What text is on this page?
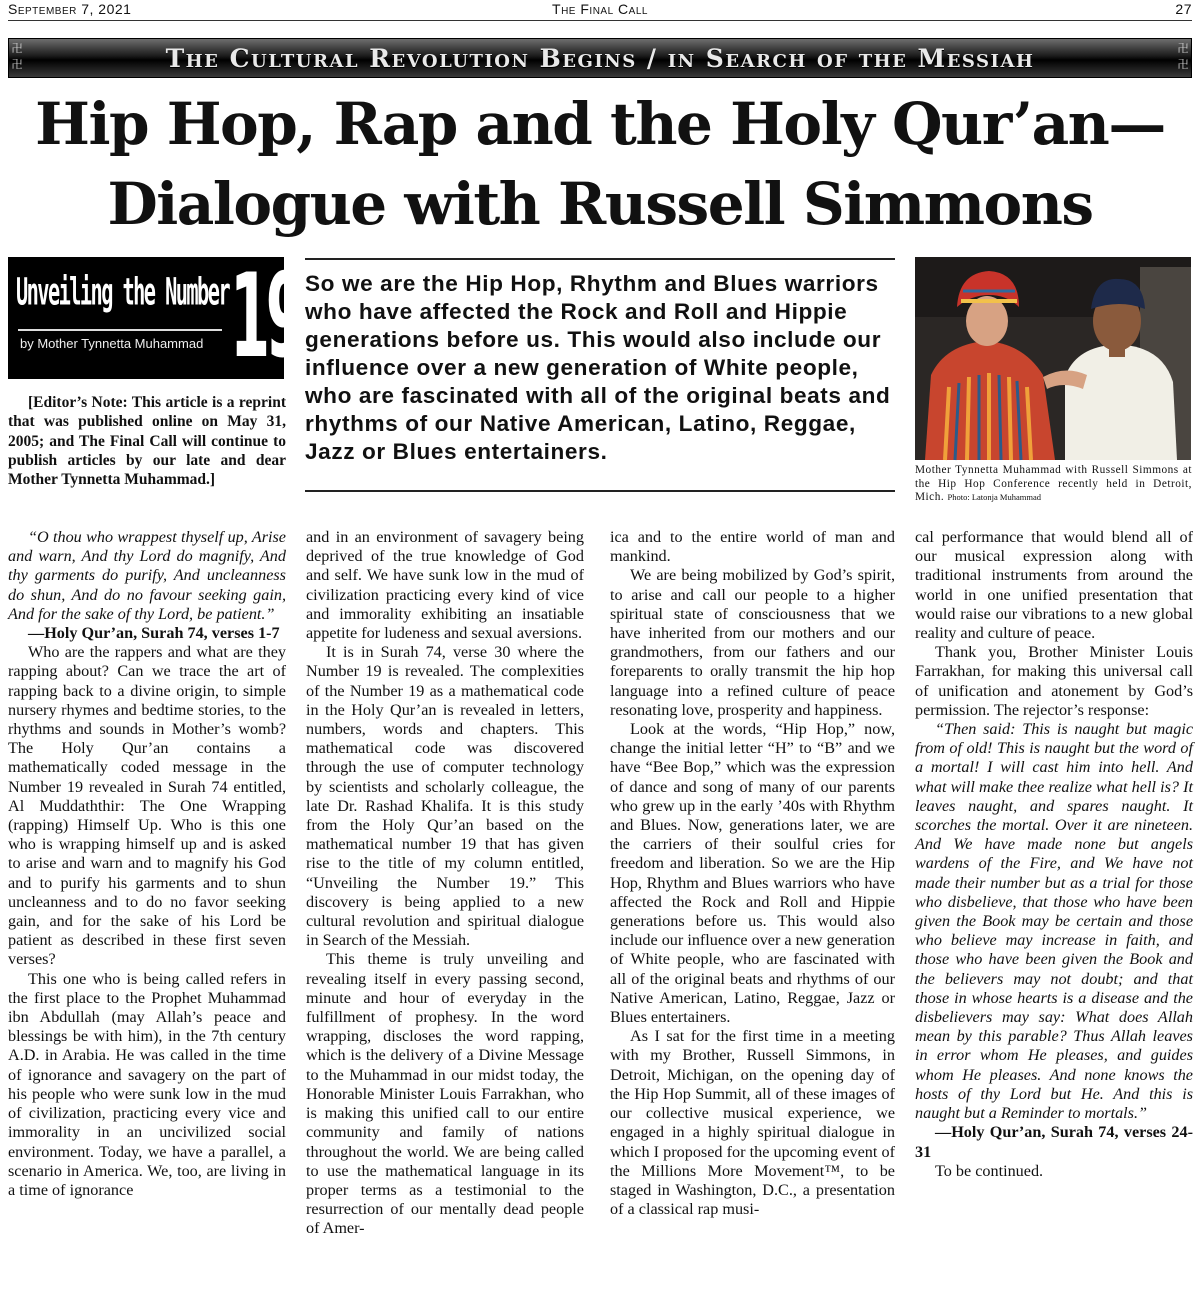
September 7, 2021	The Final Call	27
卍
卍	The Cultural Revolution Begins / in Search of the Messiah	卍
卍
Hip Hop, Rap and the Holy Qur’an—
Dialogue with Russell Simmons
Unveiling the Number
by Mother Tynnetta Muhammad 19
[Editor’s Note: This article is a reprint that was published online on May 31, 2005; and The Final Call will continue to publish articles by our late and dear Mother Tynnetta Muhammad.]
So we are the Hip Hop, Rhythm and Blues warriors who have affected the Rock and Roll and Hippie generations before us. This would also include our influence over a new generation of White people, who are fascinated with all of the original beats and rhythms of our Native American, Latino, Reggae, Jazz or Blues entertainers.
Mother Tynnetta Muhammad with Russell Simmons at the Hip Hop Conference recently held in Detroit, Mich. Photo: Latonja Muhammad

“O thou who wrappest thyself up, Arise and warn, And thy Lord do magnify, And thy garments do purify, And uncleanness do shun, And do no favour seeking gain, And for the sake of thy Lord, be patient.”

—Holy Qur’an, Surah 74, verses 1-7

Who are the rappers and what are they rapping about? Can we trace the art of rapping back to a divine origin, to simple nursery rhymes and bedtime stories, to the rhythms and sounds in Mother’s womb? The Holy Qur’an contains a mathematically coded message in the Number 19 revealed in Surah 74 entitled, Al Muddaththir: The One Wrapping (rapping) Himself Up. Who is this one who is wrapping himself up and is asked to arise and warn and to magnify his God and to purify his garments and to shun uncleanness and to do no favor seeking gain, and for the sake of his Lord be patient as described in these first seven verses?

This one who is being called refers in the first place to the Prophet Muhammad ibn Abdullah (may Allah’s peace and blessings be with him), in the 7th century A.D. in Arabia. He was called in the time of ignorance and savagery on the part of his people who were sunk low in the mud of civilization, practicing every vice and immorality in an uncivilized social environment. Today, we have a parallel, a scenario in America. We, too, are living in a time of ignorance

and in an environment of savagery being deprived of the true knowledge of God and self. We have sunk low in the mud of civilization practicing every kind of vice and immorality exhibiting an insatiable appetite for ludeness and sexual aversions.

It is in Surah 74, verse 30 where the Number 19 is revealed. The complexities of the Number 19 as a mathematical code in the Holy Qur’an is revealed in letters, numbers, words and chapters. This mathematical code was discovered through the use of computer technology by scientists and scholarly colleague, the late Dr. Rashad Khalifa. It is this study from the Holy Qur’an based on the mathematical number 19 that has given rise to the title of my column entitled, “Unveiling the Number 19.” This discovery is being applied to a new cultural revolution and spiritual dialogue in Search of the Messiah.

This theme is truly unveiling and revealing itself in every passing second, minute and hour of everyday in the fulfillment of prophesy. In the word wrapping, discloses the word rapping, which is the delivery of a Divine Message to the Muhammad in our midst today, the Honorable Minister Louis Farrakhan, who is making this unified call to our entire community and family of nations throughout the world. We are being called to use the mathematical language in its proper terms as a testimonial to the resurrection of our mentally dead people of Amer-

ica and to the entire world of man and mankind.

We are being mobilized by God’s spirit, to arise and call our people to a higher spiritual state of consciousness that we have inherited from our mothers and our grandmothers, from our fathers and our foreparents to orally transmit the hip hop language into a refined culture of peace resonating love, prosperity and happiness.

Look at the words, “Hip Hop,” now, change the initial letter “H” to “B” and we have “Bee Bop,” which was the expression of dance and song of many of our parents who grew up in the early ’40s with Rhythm and Blues. Now, generations later, we are the carriers of their soulful cries for freedom and liberation. So we are the Hip Hop, Rhythm and Blues warriors who have affected the Rock and Roll and Hippie generations before us. This would also include our influence over a new generation of White people, who are fascinated with all of the original beats and rhythms of our Native American, Latino, Reggae, Jazz or Blues entertainers.

As I sat for the first time in a meeting with my Brother, Russell Simmons, in Detroit, Michigan, on the opening day of the Hip Hop Summit, all of these images of our collective musical experience, we engaged in a highly spiritual dialogue in which I proposed for the upcoming event of the Millions More Movement™, to be staged in Washington, D.C., a presentation of a classical rap musi-

cal performance that would blend all of our musical expression along with traditional instruments from around the world in one unified presentation that would raise our vibrations to a new global reality and culture of peace.

Thank you, Brother Minister Louis Farrakhan, for making this universal call of unification and atonement by God’s permission. The rejector’s response:

“Then said: This is naught but magic from of old! This is naught but the word of a mortal! I will cast him into hell. And what will make thee realize what hell is? It leaves naught, and spares naught. It scorches the mortal. Over it are nineteen. And We have made none but angels wardens of the Fire, and We have not made their number but as a trial for those who disbelieve, that those who have been given the Book may be certain and those who believe may increase in faith, and those who have been given the Book and the believers may not doubt; and that those in whose hearts is a disease and the disbelievers may say: What does Allah mean by this parable? Thus Allah leaves in error whom He pleases, and guides whom He pleases. And none knows the hosts of thy Lord but He. And this is naught but a Reminder to mortals.”

—Holy Qur’an, Surah 74, verses 24-31

To be continued.
